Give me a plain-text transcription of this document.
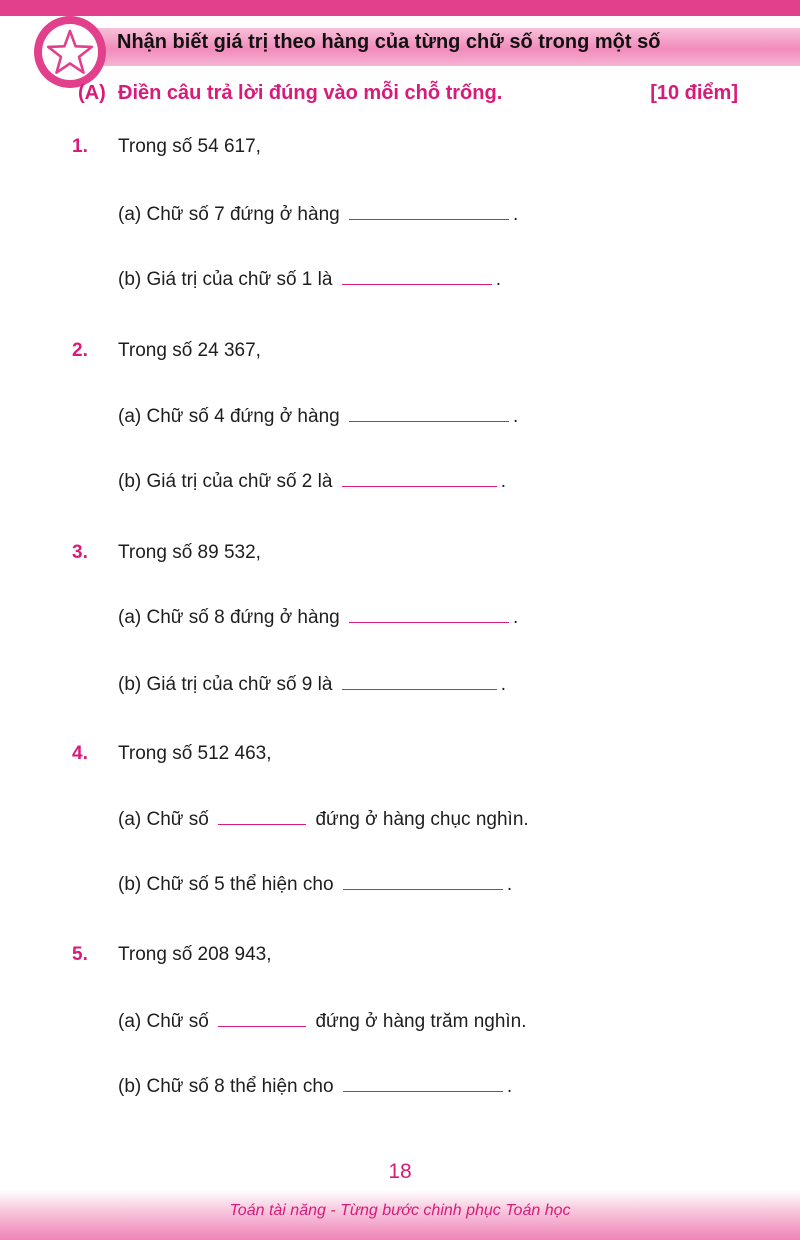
Nhận biết giá trị theo hàng của từng chữ số trong một số
(A) Điền câu trả lời đúng vào mỗi chỗ trống.	[10 điểm]
1. Trong số 54 617,
(a) Chữ số 7 đứng ở hàng	.
(b) Giá trị của chữ số 1 là	.
2. Trong số 24 367,
(a) Chữ số 4 đứng ở hàng	.
(b) Giá trị của chữ số 2 là	.
3. Trong số 89 532,
(a) Chữ số 8 đứng ở hàng	.
(b) Giá trị của chữ số 9 là	.
4. Trong số 512 463,
(a) Chữ số	đứng ở hàng chục nghìn.
(b) Chữ số 5 thể hiện cho	.
5. Trong số 208 943,
(a) Chữ số	đứng ở hàng trăm nghìn.
(b) Chữ số 8 thể hiện cho	.
18
Toán tài năng - Từng bước chinh phục Toán học
